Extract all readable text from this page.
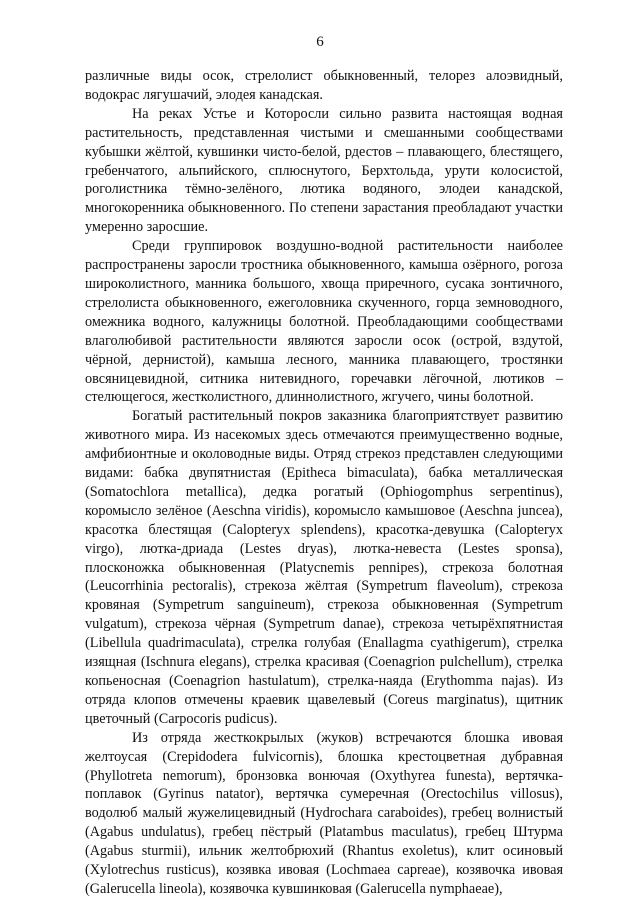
6

различные виды осок, стрелолист обыкновенный, телорез алоэвидный, водокрас лягушачий, элодея канадская.

На реках Устье и Которосли сильно развита настоящая водная растительность, представленная чистыми и смешанными сообществами кубышки жёлтой, кувшинки чисто-белой, рдестов – плавающего, блестящего, гребенчатого, альпийского, сплюснутого, Берхтольда, урути колосистой, роголистника тёмно-зелёного, лютика водяного, элодеи канадской, многокоренника обыкновенного. По степени зарастания преобладают участки умеренно заросшие.

Среди группировок воздушно-водной растительности наиболее распространены заросли тростника обыкновенного, камыша озёрного, рогоза широколистного, манника большого, хвоща приречного, сусака зонтичного, стрелолиста обыкновенного, ежеголовника скученного, горца земноводного, омежника водного, калужницы болотной. Преобладающими сообществами влаголюбивой растительности являются заросли осок (острой, вздутой, чёрной, дернистой), камыша лесного, манника плавающего, тростянки овсяницевидной, ситника нитевидного, горечавки лёгочной, лютиков – стелющегося, жестколистного, длиннолистного, жгучего, чины болотной.

Богатый растительный покров заказника благоприятствует развитию животного мира. Из насекомых здесь отмечаются преимущественно водные, амфибионтные и околоводные виды. Отряд стрекоз представлен следующими видами: бабка двупятнистая (Epitheca bimaculata), бабка металлическая (Somatochlora metallica), дедка рогатый (Ophiogomphus serpentinus), коромысло зелёное (Aeschna viridis), коромысло камышовое (Aeschna juncea), красотка блестящая (Calopteryx splendens), красотка-девушка (Calopteryx virgo), лютка-дриада (Lestes dryas), лютка-невеста (Lestes sponsa), плосконожка обыкновенная (Platycnemis pennipes), стрекоза болотная (Leucorrhinia pectoralis), стрекоза жёлтая (Sympetrum flaveolum), стрекоза кровяная (Sympetrum sanguineum), стрекоза обыкновенная (Sympetrum vulgatum), стрекоза чёрная (Sympetrum danae), стрекоза четырёхпятнистая (Libellula quadrimaculata), стрелка голубая (Enallagma cyathigerum), стрелка изящная (Ischnura elegans), стрелка красивая (Coenagrion pulchellum), стрелка копьеносная (Coenagrion hastulatum), стрелка-наяда (Erythomma najas). Из отряда клопов отмечены краевик щавелевый (Coreus marginatus), щитник цветочный (Carpocoris pudicus).

Из отряда жесткокрылых (жуков) встречаются блошка ивовая желтоусая (Crepidodera fulvicornis), блошка крестоцветная дубравная (Phyllotreta nemorum), бронзовка вонючая (Oxythyrea funesta), вертячка-поплавок (Gyrinus natator), вертячка сумеречная (Orectochilus villosus), водолюб малый жужелицевидный (Hydrochara caraboides), гребец волнистый (Agabus undulatus), гребец пёстрый (Platambus maculatus), гребец Штурма (Agabus sturmii), ильник желтобрюхий (Rhantus exoletus), клит осиновый (Xylotrechus rusticus), козявка ивовая (Lochmaea capreae), козявочка ивовая (Galerucella lineola), козявочка кувшинковая (Galerucella nymphaeae),
